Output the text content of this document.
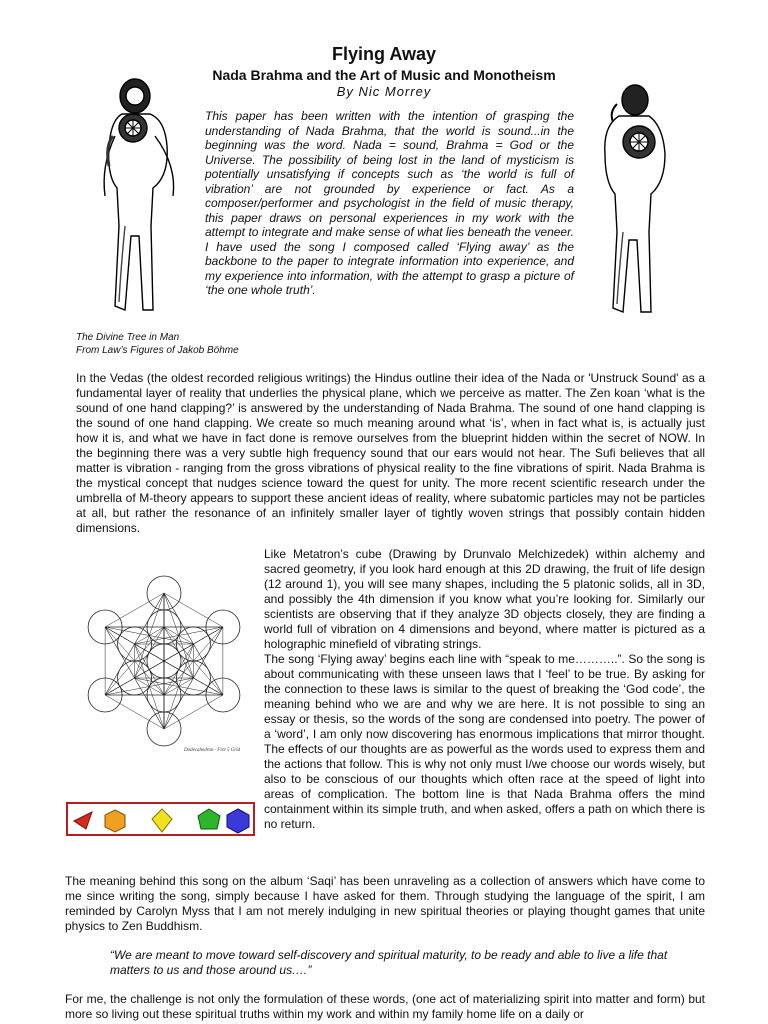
Flying Away
Nada Brahma and the Art of Music and Monotheism
By Nic Morrey
This paper has been written with the intention of grasping the understanding of Nada Brahma, that the world is sound...in the beginning was the word. Nada = sound, Brahma = God or the Universe. The possibility of being lost in the land of mysticism is potentially unsatisfying if concepts such as ‘the world is full of vibration’ are not grounded by experience or fact. As a composer/performer and psychologist in the field of music therapy, this paper draws on personal experiences in my work with the attempt to integrate and make sense of what lies beneath the veneer. I have used the song I composed called ‘Flying away’ as the backbone to the paper to integrate information into experience, and my experience into information, with the attempt to grasp a picture of ‘the one whole truth’.
The Divine Tree in Man
From Law’s Figures of Jakob Böhme
In the Vedas (the oldest recorded religious writings) the Hindus outline their idea of the Nada or 'Unstruck Sound' as a fundamental layer of reality that underlies the physical plane, which we perceive as matter. The Zen koan ‘what is the sound of one hand clapping?’ is answered by the understanding of Nada Brahma. The sound of one hand clapping is the sound of one hand clapping. We create so much meaning around what ‘is’, when in fact what is, is actually just how it is, and what we have in fact done is remove ourselves from the blueprint hidden within the secret of NOW. In the beginning there was a very subtle high frequency sound that our ears would not hear. The Sufi believes that all matter is vibration - ranging from the gross vibrations of physical reality to the fine vibrations of spirit. Nada Brahma is the mystical concept that nudges science toward the quest for unity. The more recent scientific research under the umbrella of M-theory appears to support these ancient ideas of reality, where subatomic particles may not be particles at all, but rather the resonance of an infinitely smaller layer of tightly woven strings that possibly contain hidden dimensions.
Dodecahedron · Fire 5 Grid
Like Metatron’s cube (Drawing by Drunvalo Melchizedek) within alchemy and sacred geometry, if you look hard enough at this 2D drawing, the fruit of life design (12 around 1), you will see many shapes, including the 5 platonic solids, all in 3D, and possibly the 4th dimension if you know what you’re looking for. Similarly our scientists are observing that if they analyze 3D objects closely, they are finding a world full of vibration on 4 dimensions and beyond, where matter is pictured as a holographic minefield of vibrating strings.
The song ‘Flying away’ begins each line with “speak to me………..”. So the song is about communicating with these unseen laws that I ‘feel’ to be true. By asking for the connection to these laws is similar to the quest of breaking the ‘God code’, the meaning behind who we are and why we are here. It is not possible to sing an essay or thesis, so the words of the song are condensed into poetry. The power of a ‘word’, I am only now discovering has enormous implications that mirror thought. The effects of our thoughts are as powerful as the words used to express them and the actions that follow. This is why not only must I/we choose our words wisely, but also to be conscious of our thoughts which often race at the speed of light into areas of complication. The bottom line is that Nada Brahma offers the mind containment within its simple truth, and when asked, offers a path on which there is no return.
The meaning behind this song on the album ‘Saqi’ has been unraveling as a collection of answers which have come to me since writing the song, simply because I have asked for them. Through studying the language of the spirit, I am reminded by Carolyn Myss that I am not merely indulging in new spiritual theories or playing thought games that unite physics to Zen Buddhism.
“We are meant to move toward self-discovery and spiritual maturity, to be ready and able to live a life that matters to us and those around us.…”
For me, the challenge is not only the formulation of these words, (one act of materializing spirit into matter and form) but more so living out these spiritual truths within my work and within my family home life on a daily or
